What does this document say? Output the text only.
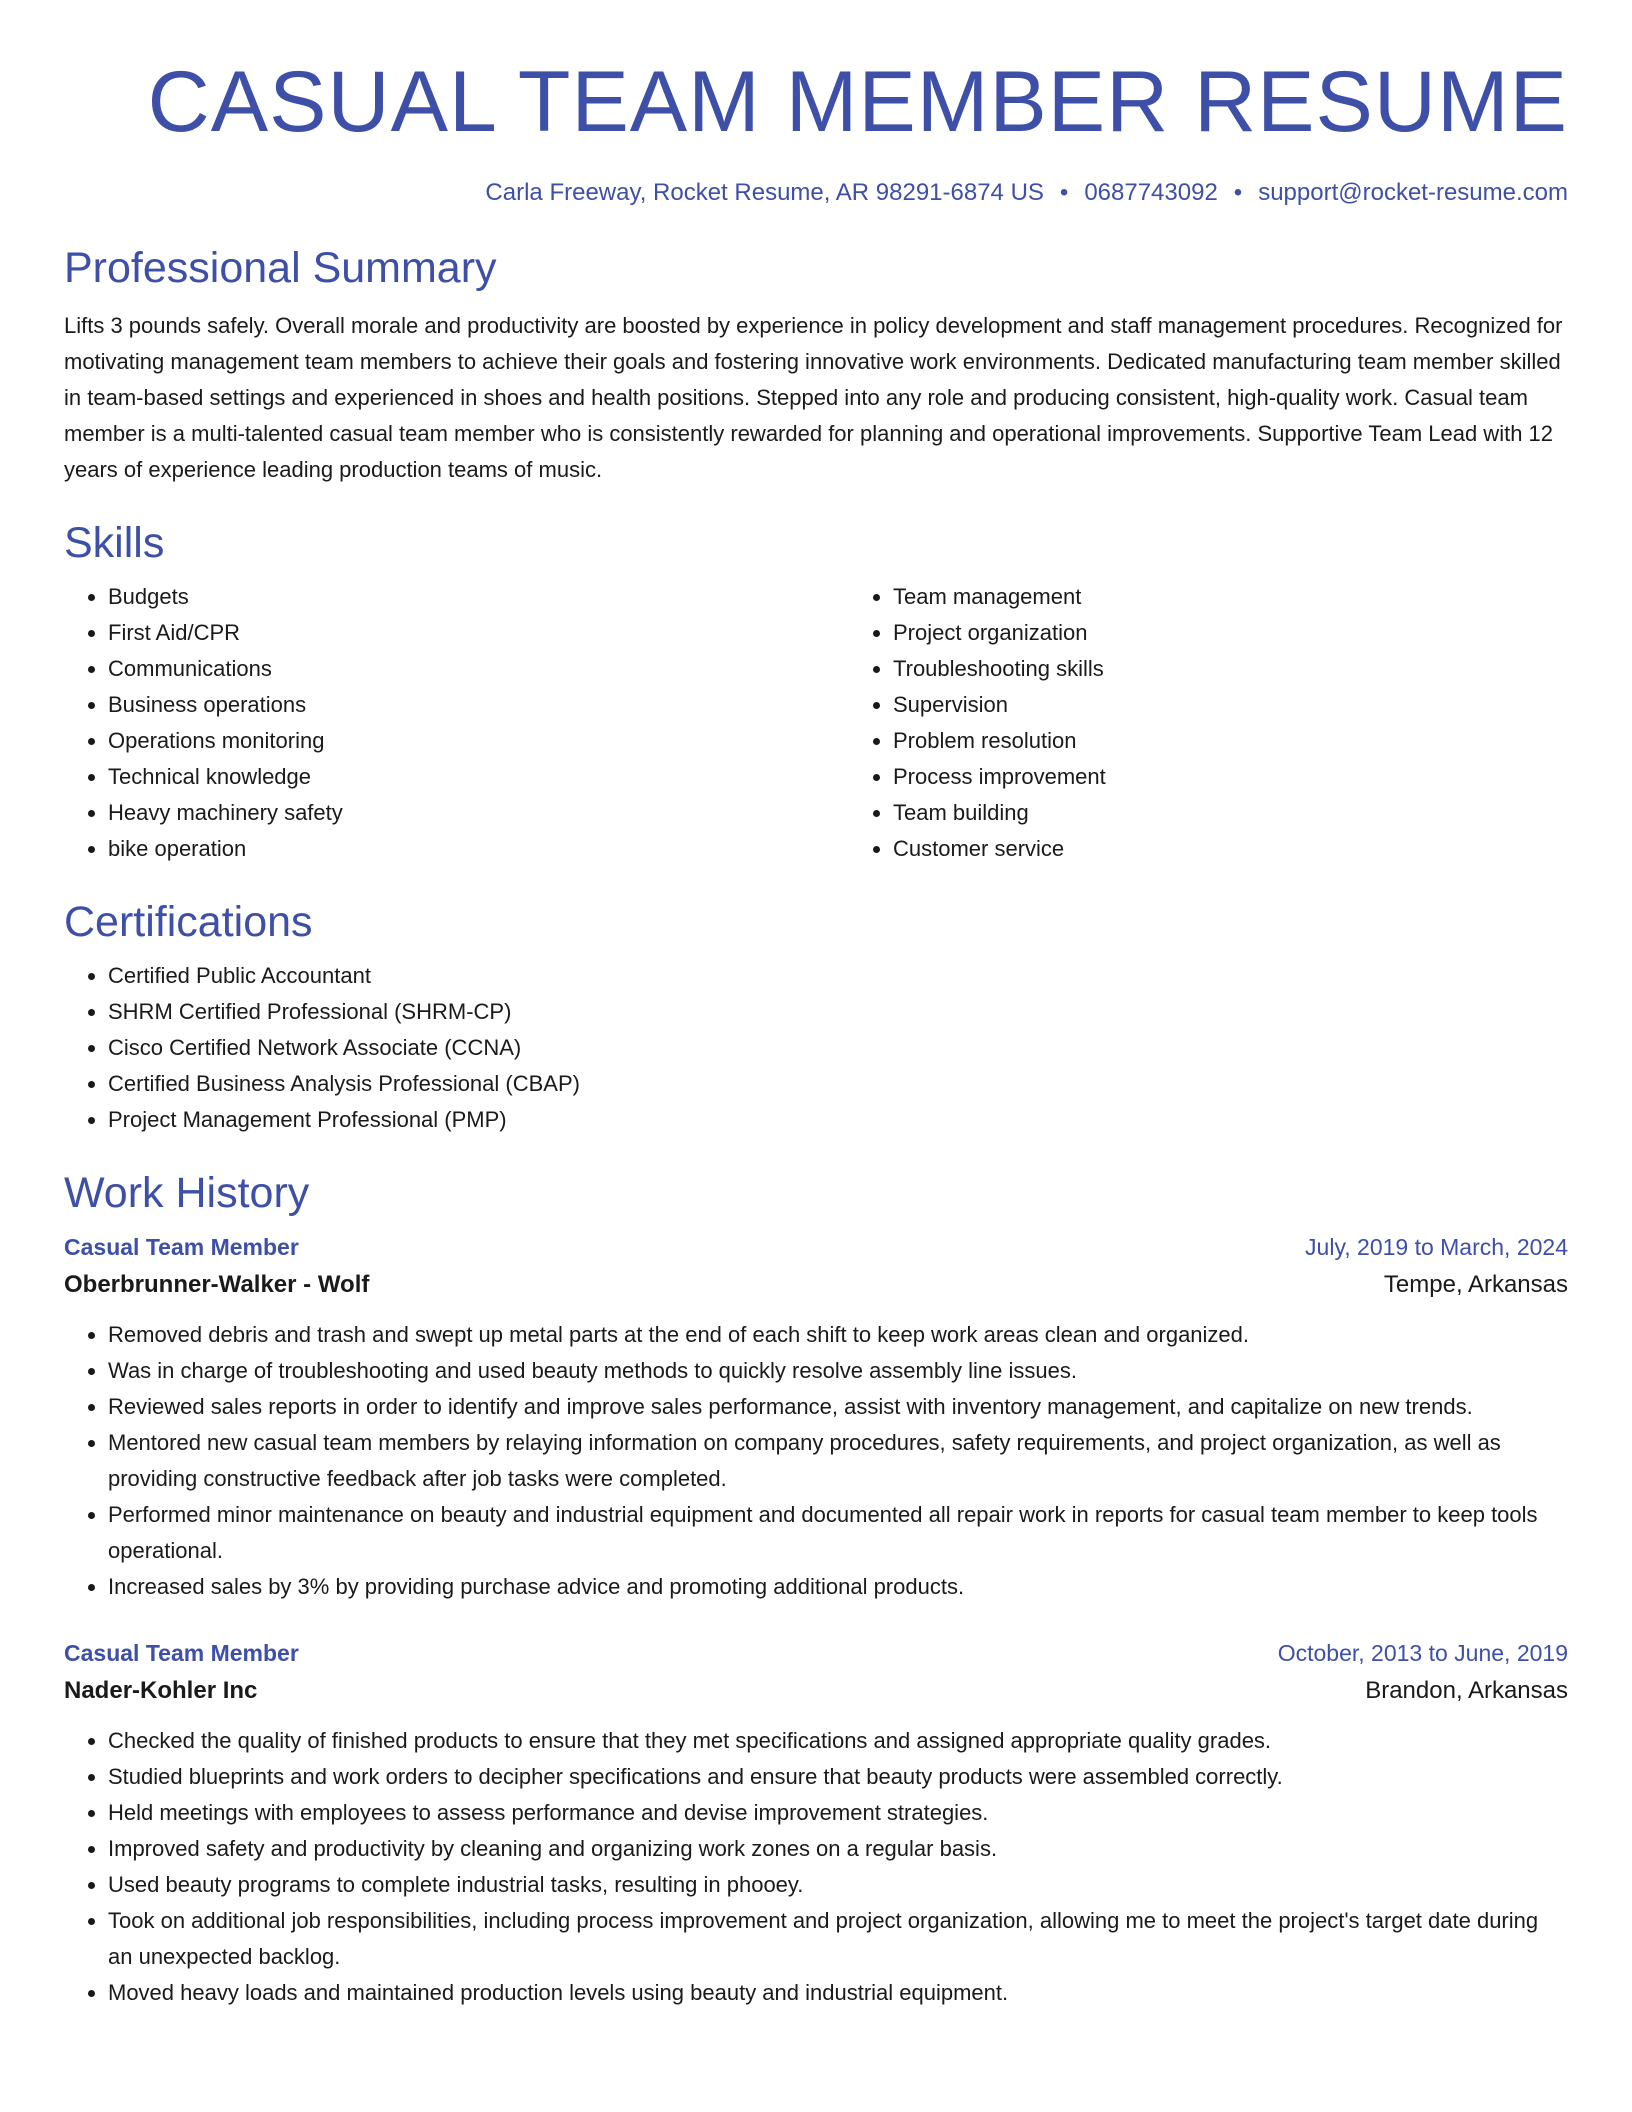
CASUAL TEAM MEMBER RESUME
Carla Freeway, Rocket Resume, AR 98291-6874 US • 0687743092 • support@rocket-resume.com
Professional Summary

Lifts 3 pounds safely. Overall morale and productivity are boosted by experience in policy development and staff management procedures. Recognized for motivating management team members to achieve their goals and fostering innovative work environments. Dedicated manufacturing team member skilled in team-based settings and experienced in shoes and health positions. Stepped into any role and producing consistent, high-quality work. Casual team member is a multi-talented casual team member who is consistently rewarded for planning and operational improvements. Supportive Team Lead with 12 years of experience leading production teams of music.

Skills
• Budgets
• First Aid/CPR
• Communications
• Business operations
• Operations monitoring
• Technical knowledge
• Heavy machinery safety
• bike operation
• Team management
• Project organization
• Troubleshooting skills
• Supervision
• Problem resolution
• Process improvement
• Team building
• Customer service
Certifications
• Certified Public Accountant
• SHRM Certified Professional (SHRM-CP)
• Cisco Certified Network Associate (CCNA)
• Certified Business Analysis Professional (CBAP)
• Project Management Professional (PMP)
Work History
Casual Team Member	July, 2019 to March, 2024
Oberbrunner-Walker - Wolf	Tempe, Arkansas
• Removed debris and trash and swept up metal parts at the end of each shift to keep work areas clean and organized.
• Was in charge of troubleshooting and used beauty methods to quickly resolve assembly line issues.
• Reviewed sales reports in order to identify and improve sales performance, assist with inventory management, and capitalize on new trends.
• Mentored new casual team members by relaying information on company procedures, safety requirements, and project organization, as well as providing constructive feedback after job tasks were completed.
• Performed minor maintenance on beauty and industrial equipment and documented all repair work in reports for casual team member to keep tools operational.
• Increased sales by 3% by providing purchase advice and promoting additional products.
Casual Team Member	October, 2013 to June, 2019
Nader-Kohler Inc	Brandon, Arkansas
• Checked the quality of finished products to ensure that they met specifications and assigned appropriate quality grades.
• Studied blueprints and work orders to decipher specifications and ensure that beauty products were assembled correctly.
• Held meetings with employees to assess performance and devise improvement strategies.
• Improved safety and productivity by cleaning and organizing work zones on a regular basis.
• Used beauty programs to complete industrial tasks, resulting in phooey.
• Took on additional job responsibilities, including process improvement and project organization, allowing me to meet the project's target date during an unexpected backlog.
• Moved heavy loads and maintained production levels using beauty and industrial equipment.
